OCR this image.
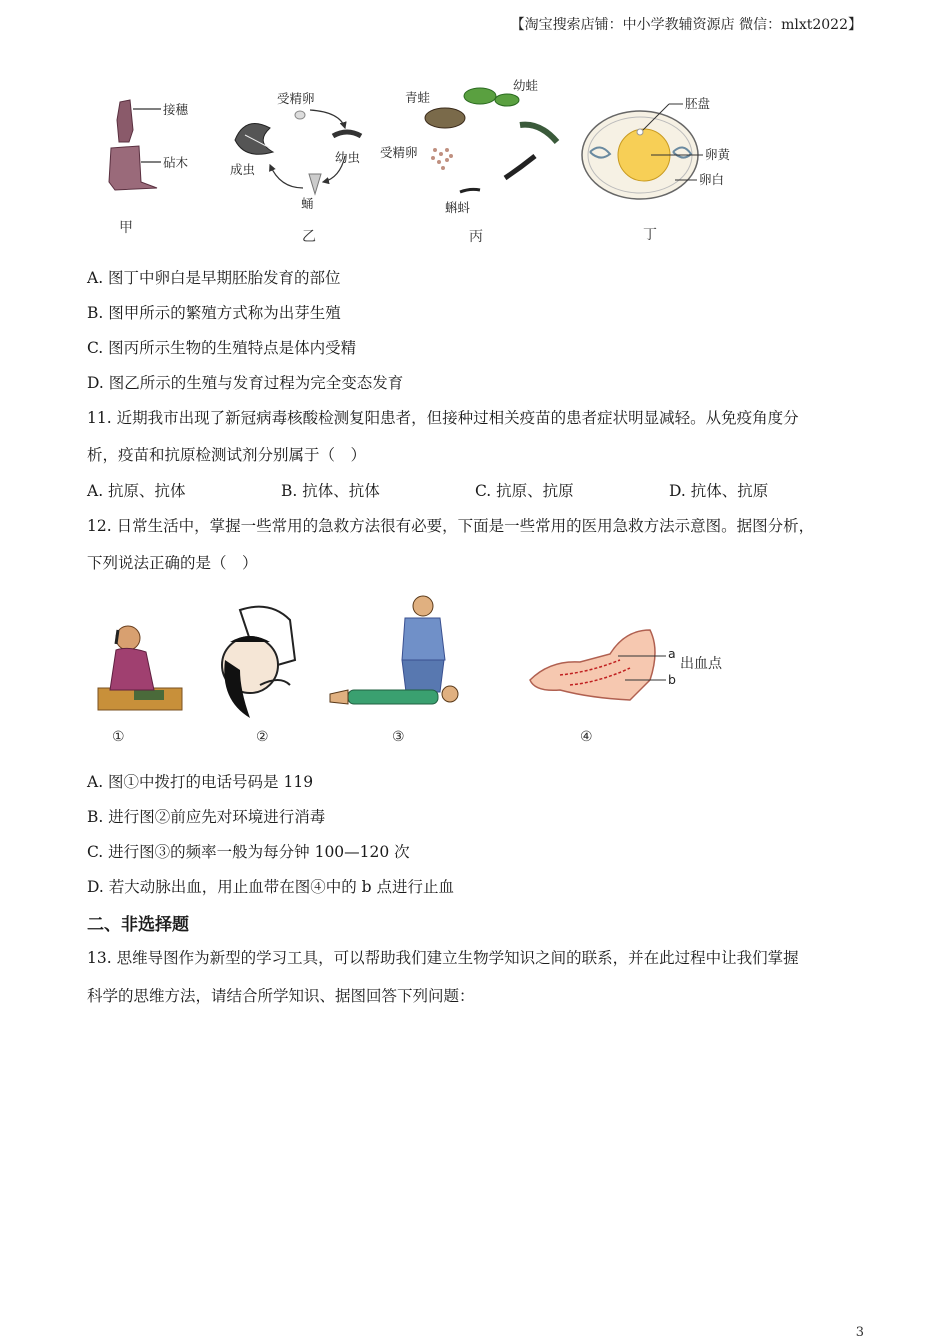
【淘宝搜索店铺：中小学教辅资源店 微信：mlxt2022】
接穗
砧木
受精卵
幼虫
蛹
成虫
青蛙
幼蛙
受精卵
蝌蚪
胚盘
卵黄
卵白
甲
乙	丙	丁
A. 图丁中卵白是早期胚胎发育的部位
B. 图甲所示的繁殖方式称为出芽生殖
C. 图丙所示生物的生殖特点是体内受精
D. 图乙所示的生殖与发育过程为完全变态发育
11. 近期我市出现了新冠病毒核酸检测复阳患者，但接种过相关疫苗的患者症状明显减轻。从免疫角度分
析，疫苗和抗原检测试剂分别属于（　）
A. 抗原、抗体	B. 抗体、抗体	C. 抗原、抗原	D. 抗体、抗原
12. 日常生活中，掌握一些常用的急救方法很有必要，下面是一些常用的医用急救方法示意图。据图分析，
下列说法正确的是（　）
a
b
出血点
①	②	③	④
A. 图①中拨打的电话号码是 119
B. 进行图②前应先对环境进行消毒
C. 进行图③的频率一般为每分钟 100—120 次
D. 若大动脉出血，用止血带在图④中的 b 点进行止血
二、非选择题
13. 思维导图作为新型的学习工具，可以帮助我们建立生物学知识之间的联系，并在此过程中让我们掌握
科学的思维方法，请结合所学知识、据图回答下列问题：
3
